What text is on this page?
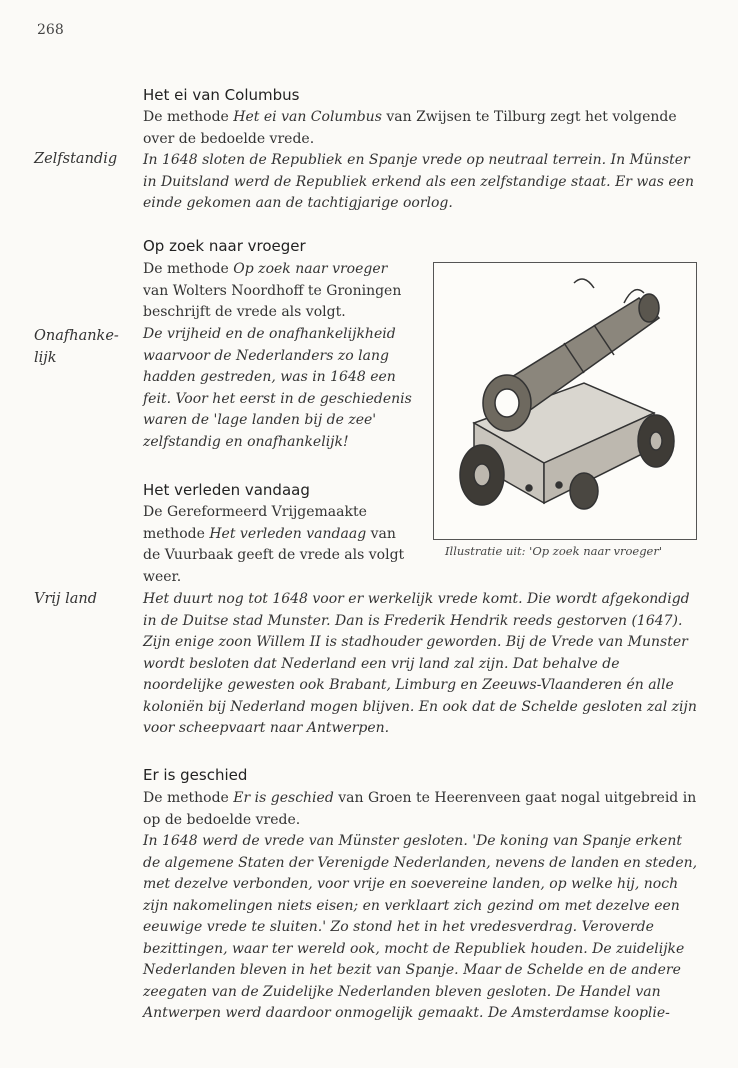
268
Zelfstandig
Onafhanke-
lijk
Vrij land
Het ei van Columbus

De methode Het ei van Columbus van Zwijsen te Tilburg zegt het volgende over de bedoelde vrede.

In 1648 sloten de Republiek en Spanje vrede op neutraal terrein. In Münster in Duitsland werd de Republiek erkend als een zelfstandige staat. Er was een einde gekomen aan de tachtigjarige oorlog.

Op zoek naar vroeger

De methode Op zoek naar vroeger van Wolters Noordhoff te Groningen beschrijft de vrede als volgt.

De vrijheid en de onafhankelijkheid waarvoor de Nederlanders zo lang hadden gestreden, was in 1648 een feit. Voor het eerst in de geschiedenis waren de 'lage landen bij de zee' zelfstandig en onafhankelijk!

Illustratie uit: 'Op zoek naar vroeger'
Het verleden vandaag

De Gereformeerd Vrijgemaakte methode Het verleden vandaag van de Vuurbaak geeft de vrede als volgt weer.

Het duurt nog tot 1648 voor er werkelijk vrede komt. Die wordt afgekondigd in de Duitse stad Munster. Dan is Frederik Hendrik reeds gestorven (1647). Zijn enige zoon Willem II is stadhouder geworden. Bij de Vrede van Munster wordt besloten dat Nederland een vrij land zal zijn. Dat behalve de noordelijke gewesten ook Brabant, Limburg en Zeeuws-Vlaanderen én alle koloniën bij Nederland mogen blijven. En ook dat de Schelde gesloten zal zijn voor scheepvaart naar Antwerpen.

Er is geschied

De methode Er is geschied van Groen te Heerenveen gaat nogal uitgebreid in op de bedoelde vrede.

In 1648 werd de vrede van Münster gesloten. 'De koning van Spanje erkent de algemene Staten der Verenigde Nederlanden, nevens de landen en steden, met dezelve verbonden, voor vrije en soevereine landen, op welke hij, noch zijn nakomelingen niets eisen; en verklaart zich gezind om met dezelve een eeuwige vrede te sluiten.' Zo stond het in het vredesverdrag. Veroverde bezittingen, waar ter wereld ook, mocht de Republiek houden. De zuidelijke Nederlanden bleven in het bezit van Spanje. Maar de Schelde en de andere zeegaten van de Zuidelijke Nederlanden bleven gesloten. De Handel van Antwerpen werd daardoor onmogelijk gemaakt. De Amsterdamse kooplie-
